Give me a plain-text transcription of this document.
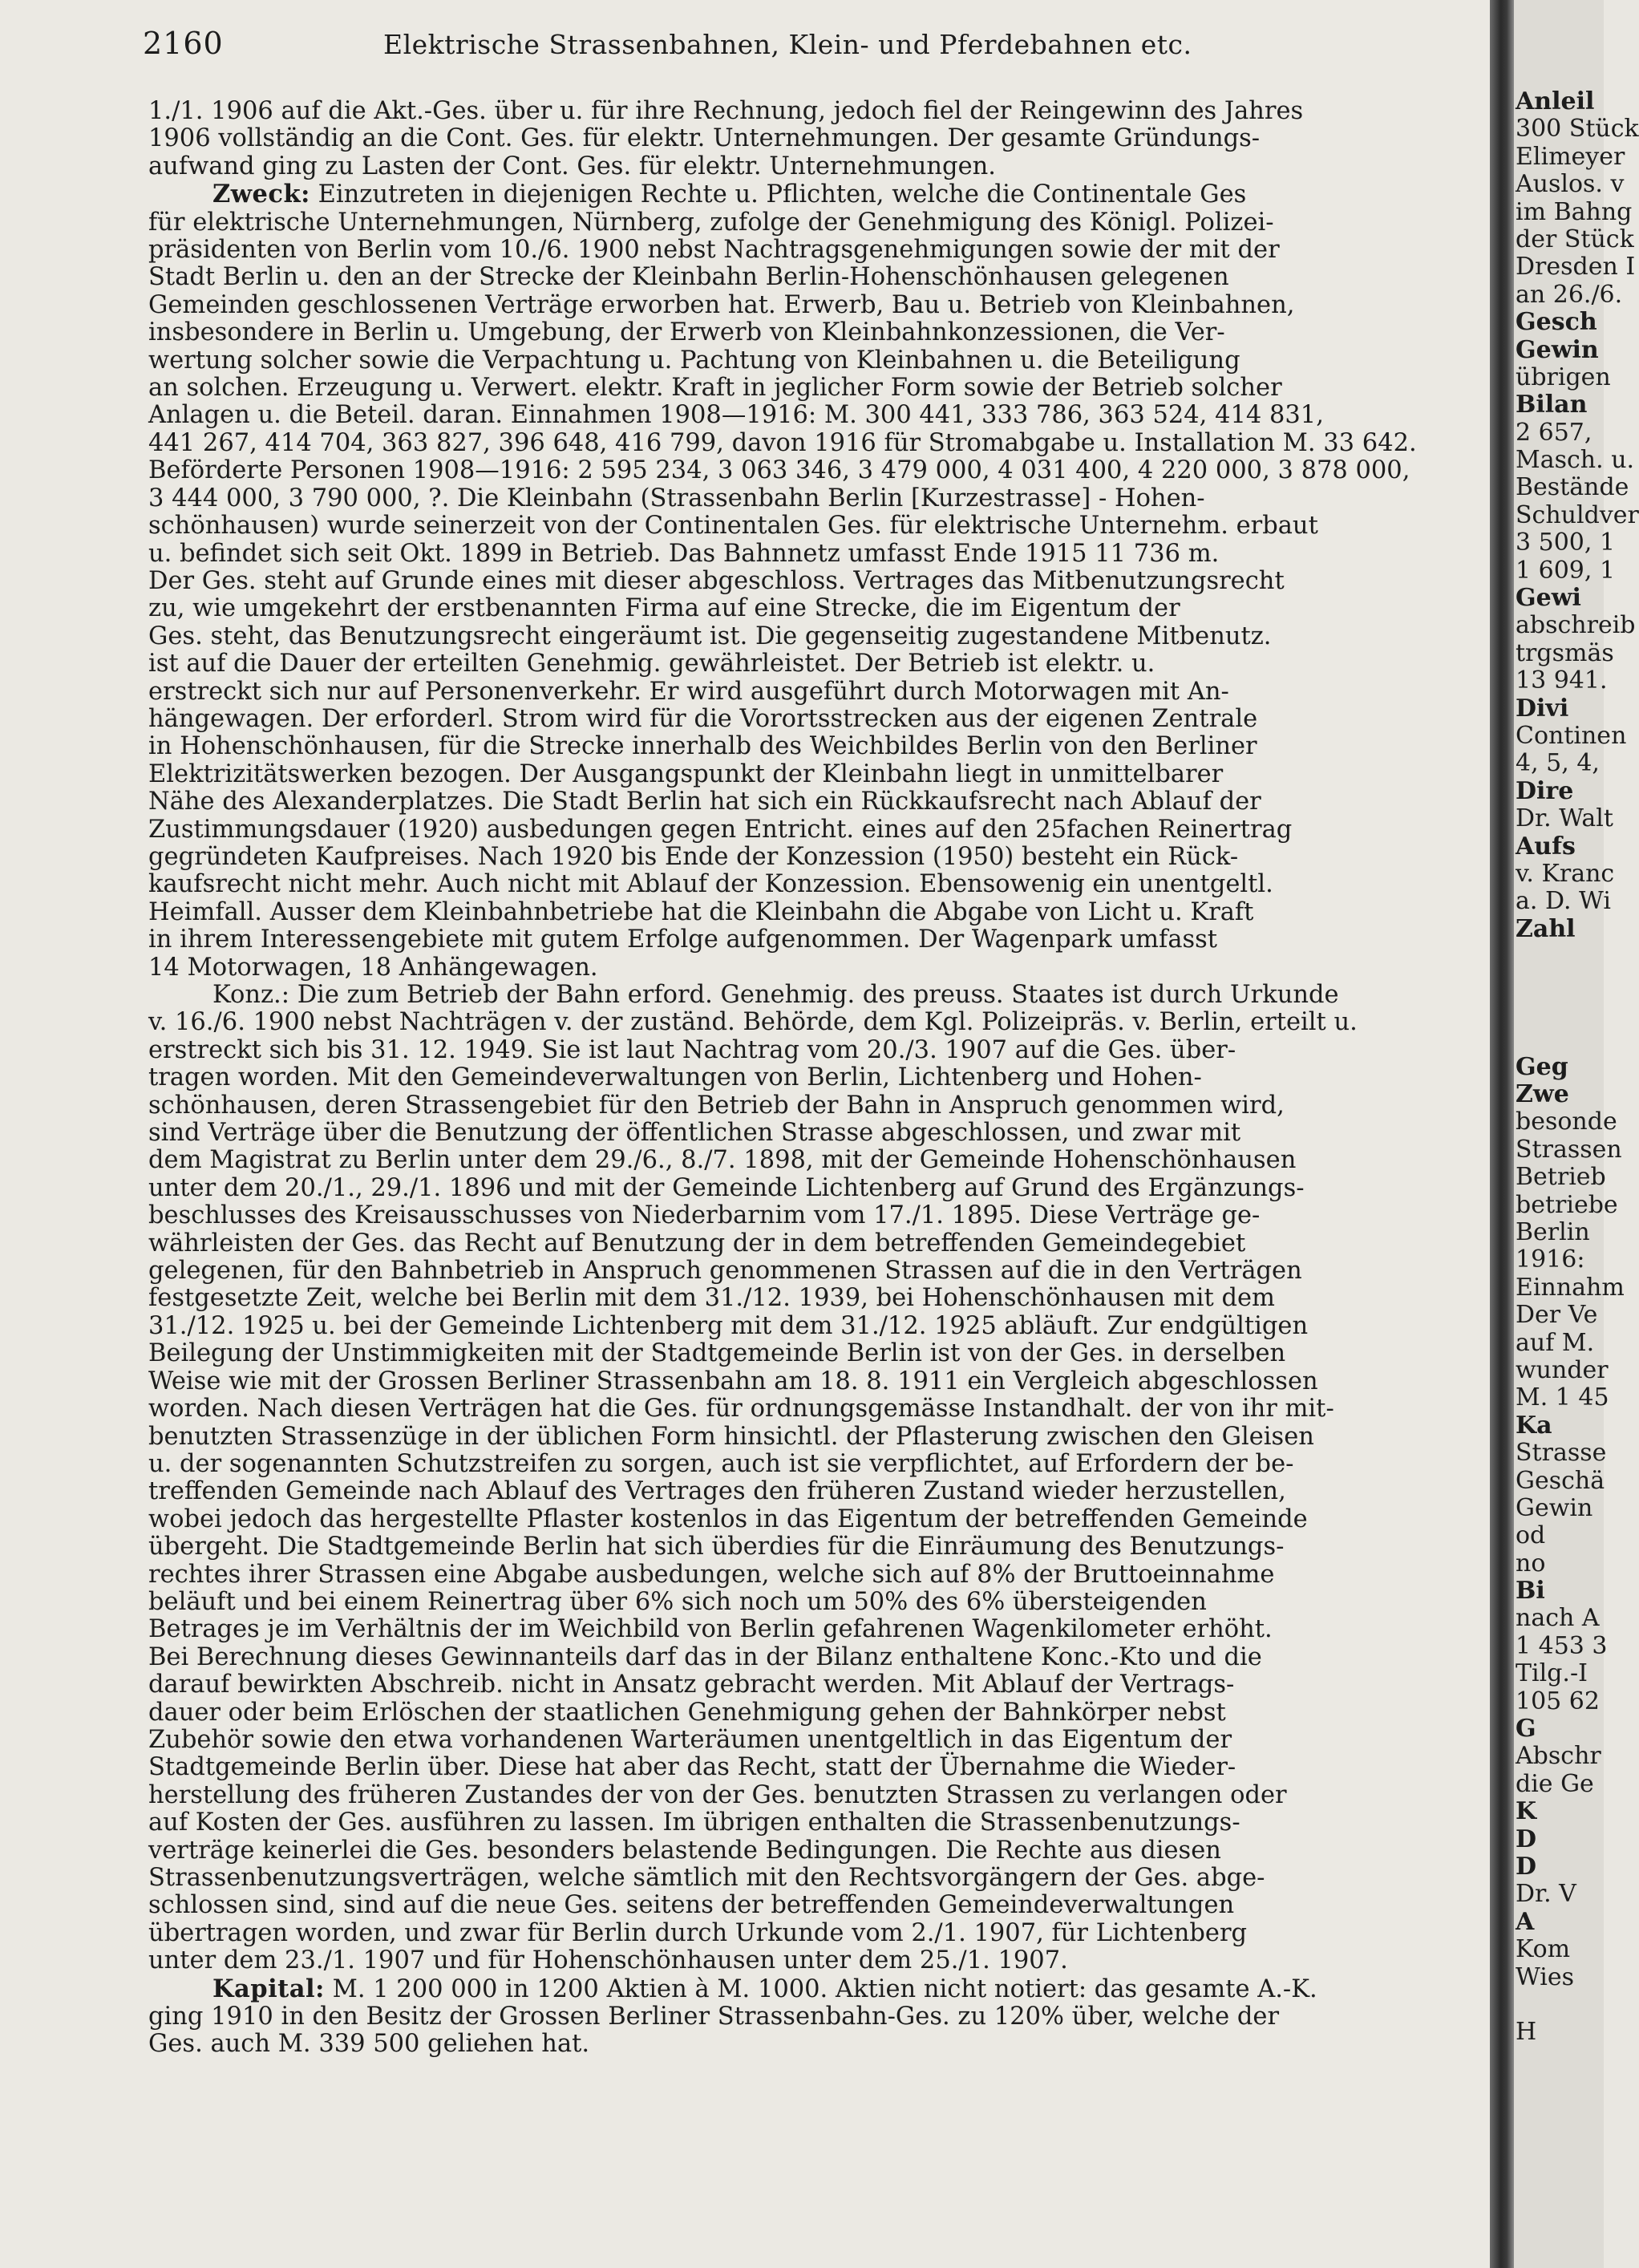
2160	Elektrische Strassenbahnen, Klein- und Pferdebahnen etc.
1./1. 1906 auf die Akt.-Ges. über u. für ihre Rechnung, jedoch fiel der Reingewinn des Jahres
1906 vollständig an die Cont. Ges. für elektr. Unternehmungen. Der gesamte Gründungs-
aufwand ging zu Lasten der Cont. Ges. für elektr. Unternehmungen.
Zweck: Einzutreten in diejenigen Rechte u. Pflichten, welche die Continentale Ges
für elektrische Unternehmungen, Nürnberg, zufolge der Genehmigung des Königl. Polizei-
präsidenten von Berlin vom 10./6. 1900 nebst Nachtragsgenehmigungen sowie der mit der
Stadt Berlin u. den an der Strecke der Kleinbahn Berlin-Hohenschönhausen gelegenen
Gemeinden geschlossenen Verträge erworben hat. Erwerb, Bau u. Betrieb von Kleinbahnen,
insbesondere in Berlin u. Umgebung, der Erwerb von Kleinbahnkonzessionen, die Ver-
wertung solcher sowie die Verpachtung u. Pachtung von Kleinbahnen u. die Beteiligung
an solchen. Erzeugung u. Verwert. elektr. Kraft in jeglicher Form sowie der Betrieb solcher
Anlagen u. die Beteil. daran. Einnahmen 1908—1916: M. 300 441, 333 786, 363 524, 414 831,
441 267, 414 704, 363 827, 396 648, 416 799, davon 1916 für Stromabgabe u. Installation M. 33 642.
Beförderte Personen 1908—1916: 2 595 234, 3 063 346, 3 479 000, 4 031 400, 4 220 000, 3 878 000,
3 444 000, 3 790 000, ?. Die Kleinbahn (Strassenbahn Berlin [Kurzestrasse] - Hohen-
schönhausen) wurde seinerzeit von der Continentalen Ges. für elektrische Unternehm. erbaut
u. befindet sich seit Okt. 1899 in Betrieb. Das Bahnnetz umfasst Ende 1915 11 736 m.
Der Ges. steht auf Grunde eines mit dieser abgeschloss. Vertrages das Mitbenutzungsrecht
zu, wie umgekehrt der erstbenannten Firma auf eine Strecke, die im Eigentum der
Ges. steht, das Benutzungsrecht eingeräumt ist. Die gegenseitig zugestandene Mitbenutz.
ist auf die Dauer der erteilten Genehmig. gewährleistet. Der Betrieb ist elektr. u.
erstreckt sich nur auf Personenverkehr. Er wird ausgeführt durch Motorwagen mit An-
hängewagen. Der erforderl. Strom wird für die Vorortsstrecken aus der eigenen Zentrale
in Hohenschönhausen, für die Strecke innerhalb des Weichbildes Berlin von den Berliner
Elektrizitätswerken bezogen. Der Ausgangspunkt der Kleinbahn liegt in unmittelbarer
Nähe des Alexanderplatzes. Die Stadt Berlin hat sich ein Rückkaufsrecht nach Ablauf der
Zustimmungsdauer (1920) ausbedungen gegen Entricht. eines auf den 25fachen Reinertrag
gegründeten Kaufpreises. Nach 1920 bis Ende der Konzession (1950) besteht ein Rück-
kaufsrecht nicht mehr. Auch nicht mit Ablauf der Konzession. Ebensowenig ein unentgeltl.
Heimfall. Ausser dem Kleinbahnbetriebe hat die Kleinbahn die Abgabe von Licht u. Kraft
in ihrem Interessengebiete mit gutem Erfolge aufgenommen. Der Wagenpark umfasst
14 Motorwagen, 18 Anhängewagen.
Konz.: Die zum Betrieb der Bahn erford. Genehmig. des preuss. Staates ist durch Urkunde
v. 16./6. 1900 nebst Nachträgen v. der zuständ. Behörde, dem Kgl. Polizeipräs. v. Berlin, erteilt u.
erstreckt sich bis 31. 12. 1949. Sie ist laut Nachtrag vom 20./3. 1907 auf die Ges. über-
tragen worden. Mit den Gemeindeverwaltungen von Berlin, Lichtenberg und Hohen-
schönhausen, deren Strassengebiet für den Betrieb der Bahn in Anspruch genommen wird,
sind Verträge über die Benutzung der öffentlichen Strasse abgeschlossen, und zwar mit
dem Magistrat zu Berlin unter dem 29./6., 8./7. 1898, mit der Gemeinde Hohenschönhausen
unter dem 20./1., 29./1. 1896 und mit der Gemeinde Lichtenberg auf Grund des Ergänzungs-
beschlusses des Kreisausschusses von Niederbarnim vom 17./1. 1895. Diese Verträge ge-
währleisten der Ges. das Recht auf Benutzung der in dem betreffenden Gemeindegebiet
gelegenen, für den Bahnbetrieb in Anspruch genommenen Strassen auf die in den Verträgen
festgesetzte Zeit, welche bei Berlin mit dem 31./12. 1939, bei Hohenschönhausen mit dem
31./12. 1925 u. bei der Gemeinde Lichtenberg mit dem 31./12. 1925 abläuft. Zur endgültigen
Beilegung der Unstimmigkeiten mit der Stadtgemeinde Berlin ist von der Ges. in derselben
Weise wie mit der Grossen Berliner Strassenbahn am 18. 8. 1911 ein Vergleich abgeschlossen
worden. Nach diesen Verträgen hat die Ges. für ordnungsgemässe Instandhalt. der von ihr mit-
benutzten Strassenzüge in der üblichen Form hinsichtl. der Pflasterung zwischen den Gleisen
u. der sogenannten Schutzstreifen zu sorgen, auch ist sie verpflichtet, auf Erfordern der be-
treffenden Gemeinde nach Ablauf des Vertrages den früheren Zustand wieder herzustellen,
wobei jedoch das hergestellte Pflaster kostenlos in das Eigentum der betreffenden Gemeinde
übergeht. Die Stadtgemeinde Berlin hat sich überdies für die Einräumung des Benutzungs-
rechtes ihrer Strassen eine Abgabe ausbedungen, welche sich auf 8% der Bruttoeinnahme
beläuft und bei einem Reinertrag über 6% sich noch um 50% des 6% übersteigenden
Betrages je im Verhältnis der im Weichbild von Berlin gefahrenen Wagenkilometer erhöht.
Bei Berechnung dieses Gewinnanteils darf das in der Bilanz enthaltene Konc.-Kto und die
darauf bewirkten Abschreib. nicht in Ansatz gebracht werden. Mit Ablauf der Vertrags-
dauer oder beim Erlöschen der staatlichen Genehmigung gehen der Bahnkörper nebst
Zubehör sowie den etwa vorhandenen Warteräumen unentgeltlich in das Eigentum der
Stadtgemeinde Berlin über. Diese hat aber das Recht, statt der Übernahme die Wieder-
herstellung des früheren Zustandes der von der Ges. benutzten Strassen zu verlangen oder
auf Kosten der Ges. ausführen zu lassen. Im übrigen enthalten die Strassenbenutzungs-
verträge keinerlei die Ges. besonders belastende Bedingungen. Die Rechte aus diesen
Strassenbenutzungsverträgen, welche sämtlich mit den Rechtsvorgängern der Ges. abge-
schlossen sind, sind auf die neue Ges. seitens der betreffenden Gemeindeverwaltungen
übertragen worden, und zwar für Berlin durch Urkunde vom 2./1. 1907, für Lichtenberg
unter dem 23./1. 1907 und für Hohenschönhausen unter dem 25./1. 1907.
Kapital: M. 1 200 000 in 1200 Aktien à M. 1000. Aktien nicht notiert: das gesamte A.-K.
ging 1910 in den Besitz der Grossen Berliner Strassenbahn-Ges. zu 120% über, welche der
Ges. auch M. 339 500 geliehen hat.
Anleil
300 Stück
Elimeyer
Auslos. v
im Bahng
der Stück
Dresden I
an 26./6.
Gesch
Gewin
übrigen
Bilan
2 657,
Masch. u.
Bestände
Schuldver
3 500, 1
1 609, 1
Gewi
abschreib
trgsmäs
13 941.
Divi
Continen
4, 5, 4,
Dire
Dr. Walt
Aufs
v. Kranc
a. D. Wi
Zahl
Geg
Zwe
besonde
Strassen
Betrieb
betriebe
Berlin
1916:
Einnahm
Der Ve
auf M.
wunder
M. 1 45
Ka
Strasse
Geschä
Gewin
od
no
Bi
nach A
1 453 3
Tilg.-I
105 62
G
Abschr
die Ge
K
D
D
Dr. V
A
Kom
Wies
H
